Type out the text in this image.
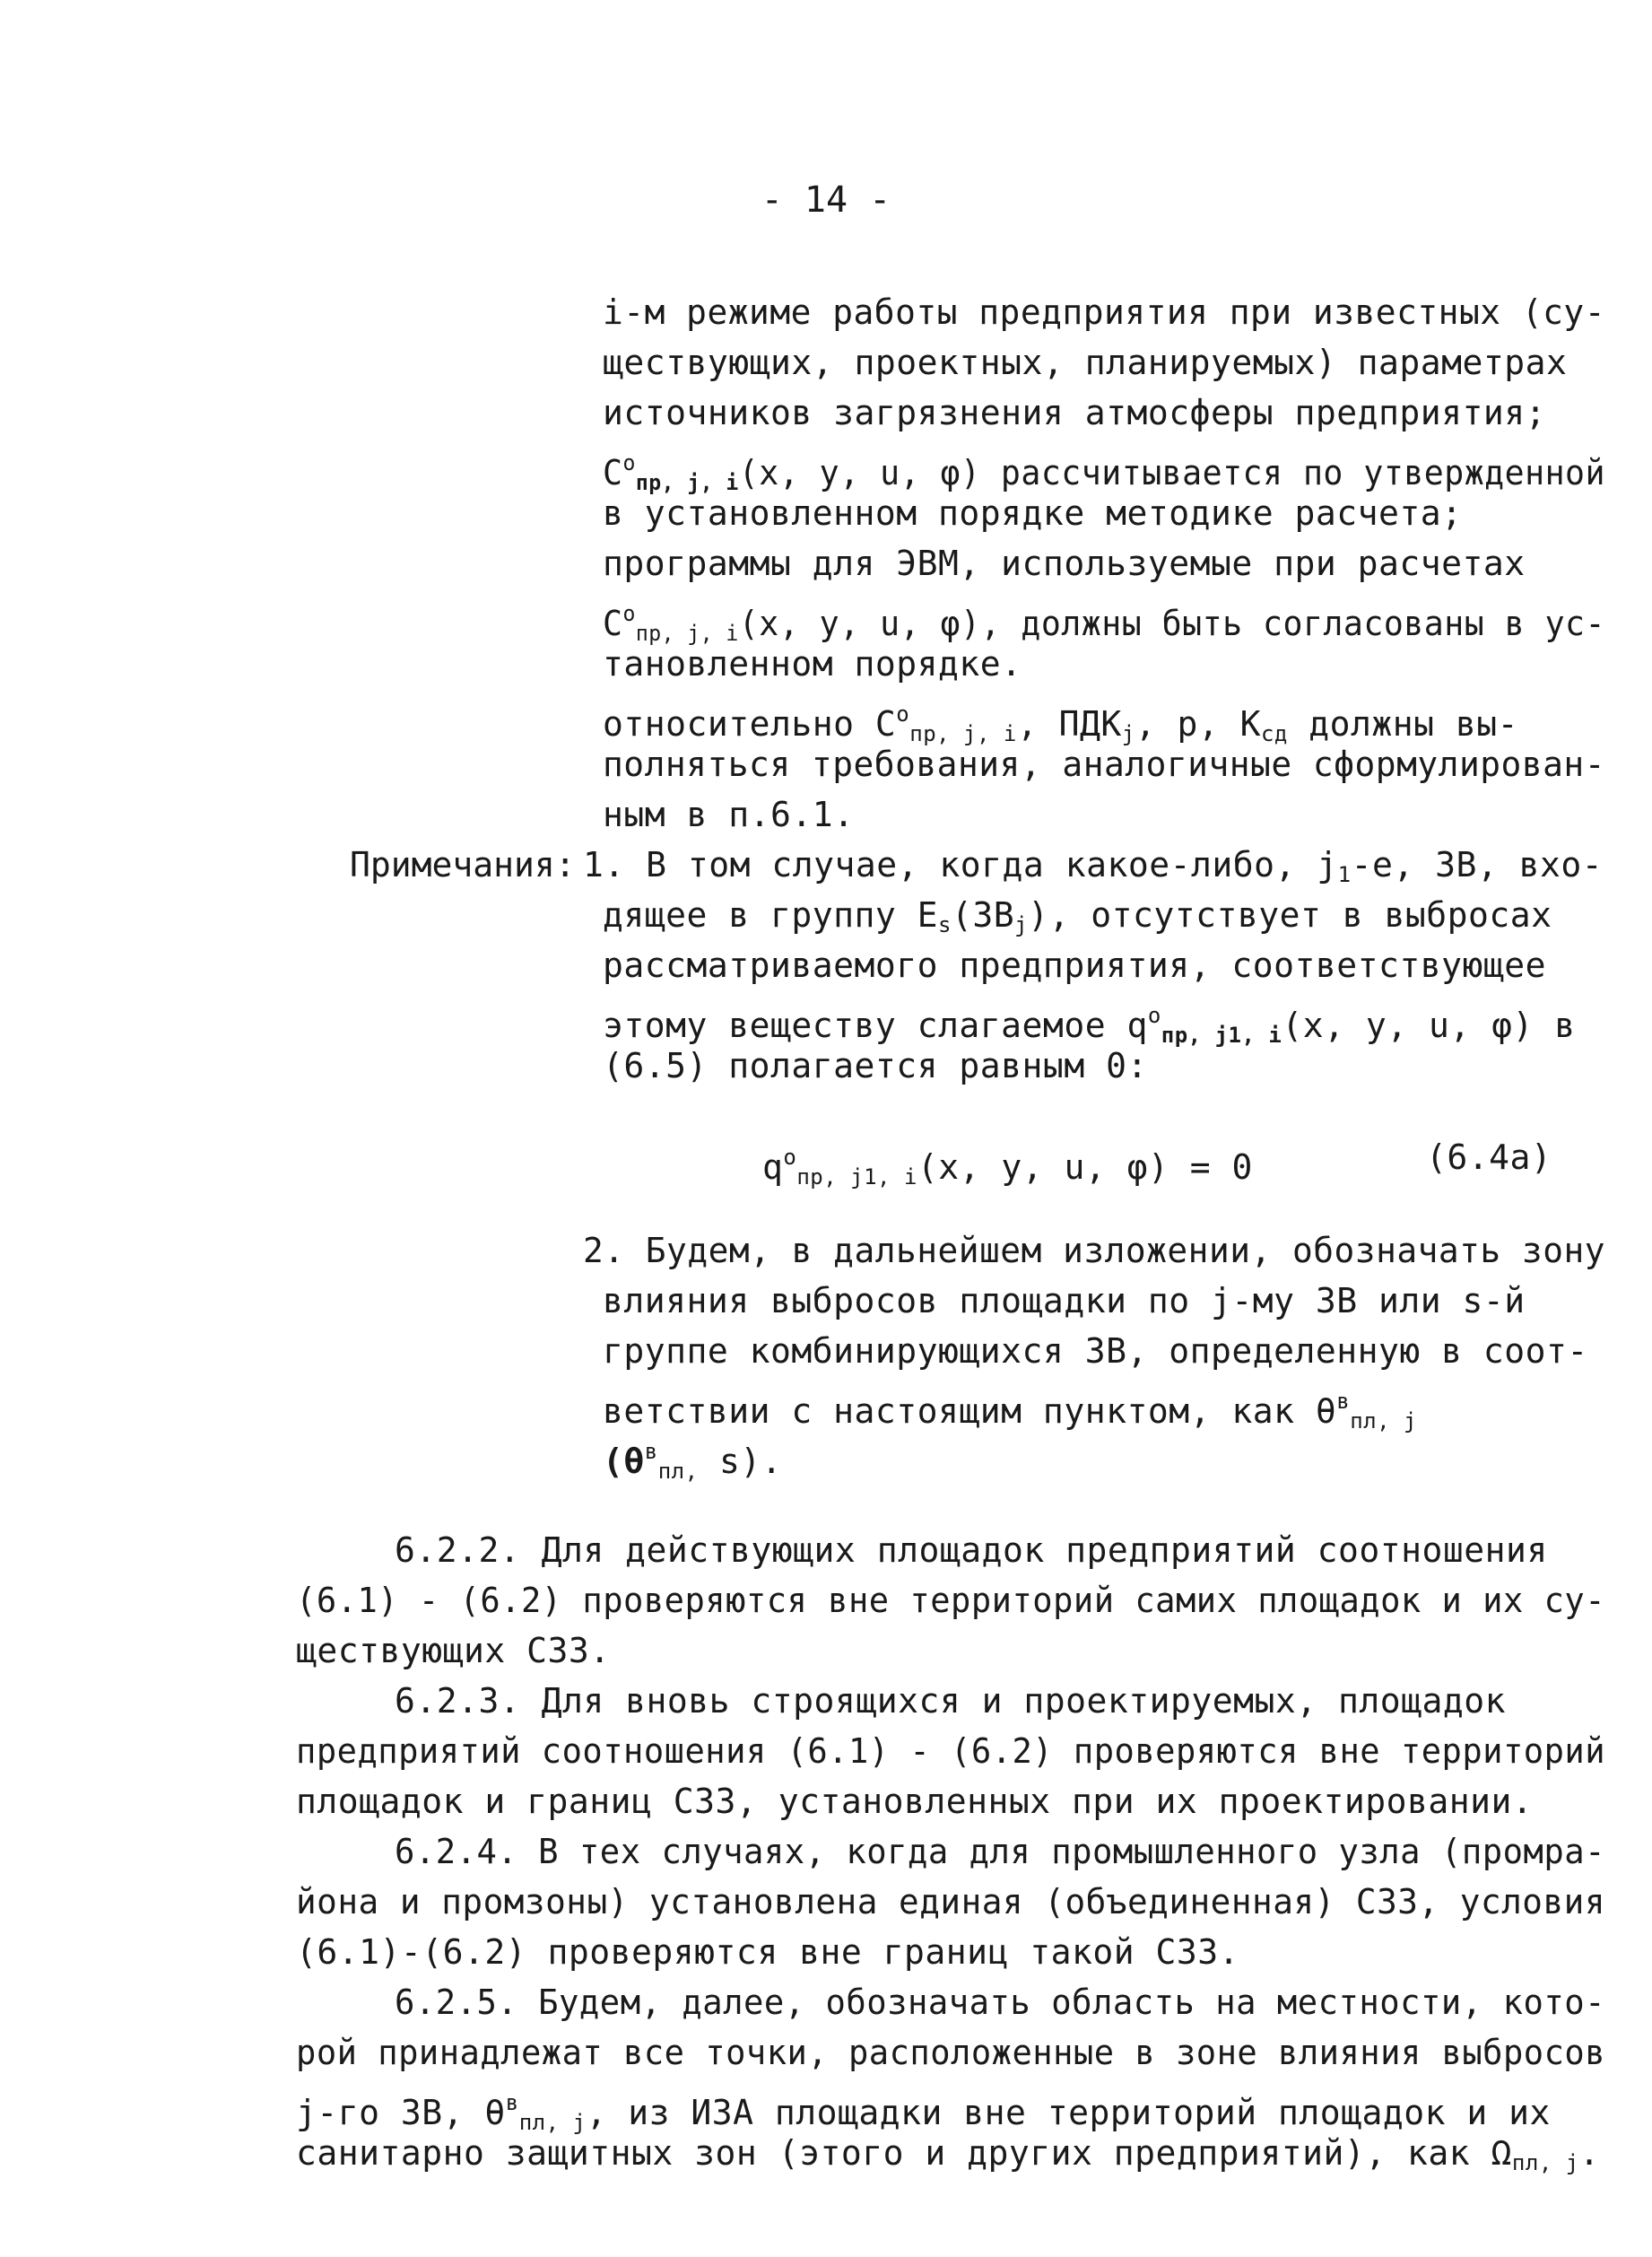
- 14 -
i-м режиме работы предприятия при известных (су-
ществующих, проектных, планируемых) параметрах
источников загрязнения атмосферы предприятия;
$C^o_{пр, j, i}(x$, y, u, φ) рассчитывается по утвержденной
в установленном порядке методике расчета;
программы для ЭВМ, используемые при расчетах
$C^o_{пр, j, i}(x$, y, u, φ), должны быть согласованы в ус-
тановленном порядке.
относительно $C^o_{пр, j, i}$, $ПДК_j$, р, $К_{сд}$ должны вы-
полняться требования, аналогичные сформулирован-
ным в п.6.1.
Примечания: 1. В том случае, когда какое-либо, $j_1-е$, ЗВ, вхо-
дящее в группу $E_s(ЗВ_j)$, отсутствует в выбросах
рассматриваемого предприятия, соответствующее
этому веществу слагаемое $q^o_{пр, j1, i}(x$, y, u, φ) в
(6.5) полагается равным 0:
$q^o_{пр, j1, i}(x$, y, u, φ) = 0	(6.4a)
2. Будем, в дальнейшем изложении, обозначать зону
влияния выбросов площадки по j-му ЗВ или s-й
группе комбинирующихся ЗВ, определенную в соот-
ветствии с настоящим пунктом, как $\theta^в_{пл, j}$
($\theta^в_{пл,}$ s).
6.2.2. Для действующих площадок предприятий соотношения
(6.1) - (6.2) проверяются вне территорий самих площадок и их су-
ществующих СЗЗ.
6.2.3. Для вновь строящихся и проектируемых, площадок
предприятий соотношения (6.1) - (6.2) проверяются вне территорий
площадок и границ СЗЗ, установленных при их проектировании.
6.2.4. В тех случаях, когда для промышленного узла (промра-
йона и промзоны) установлена единая (объединенная) СЗЗ, условия
(6.1)-(6.2) проверяются вне границ такой СЗЗ.
6.2.5. Будем, далее, обозначать область на местности, кото-
рой принадлежат все точки, расположенные в зоне влияния выбросов
j-го ЗВ, $\theta^в_{пл, j}$, из ИЗА площадки вне территорий площадок и их
санитарно защитных зон (этого и других предприятий), как $\Omega_{пл, j}$.
